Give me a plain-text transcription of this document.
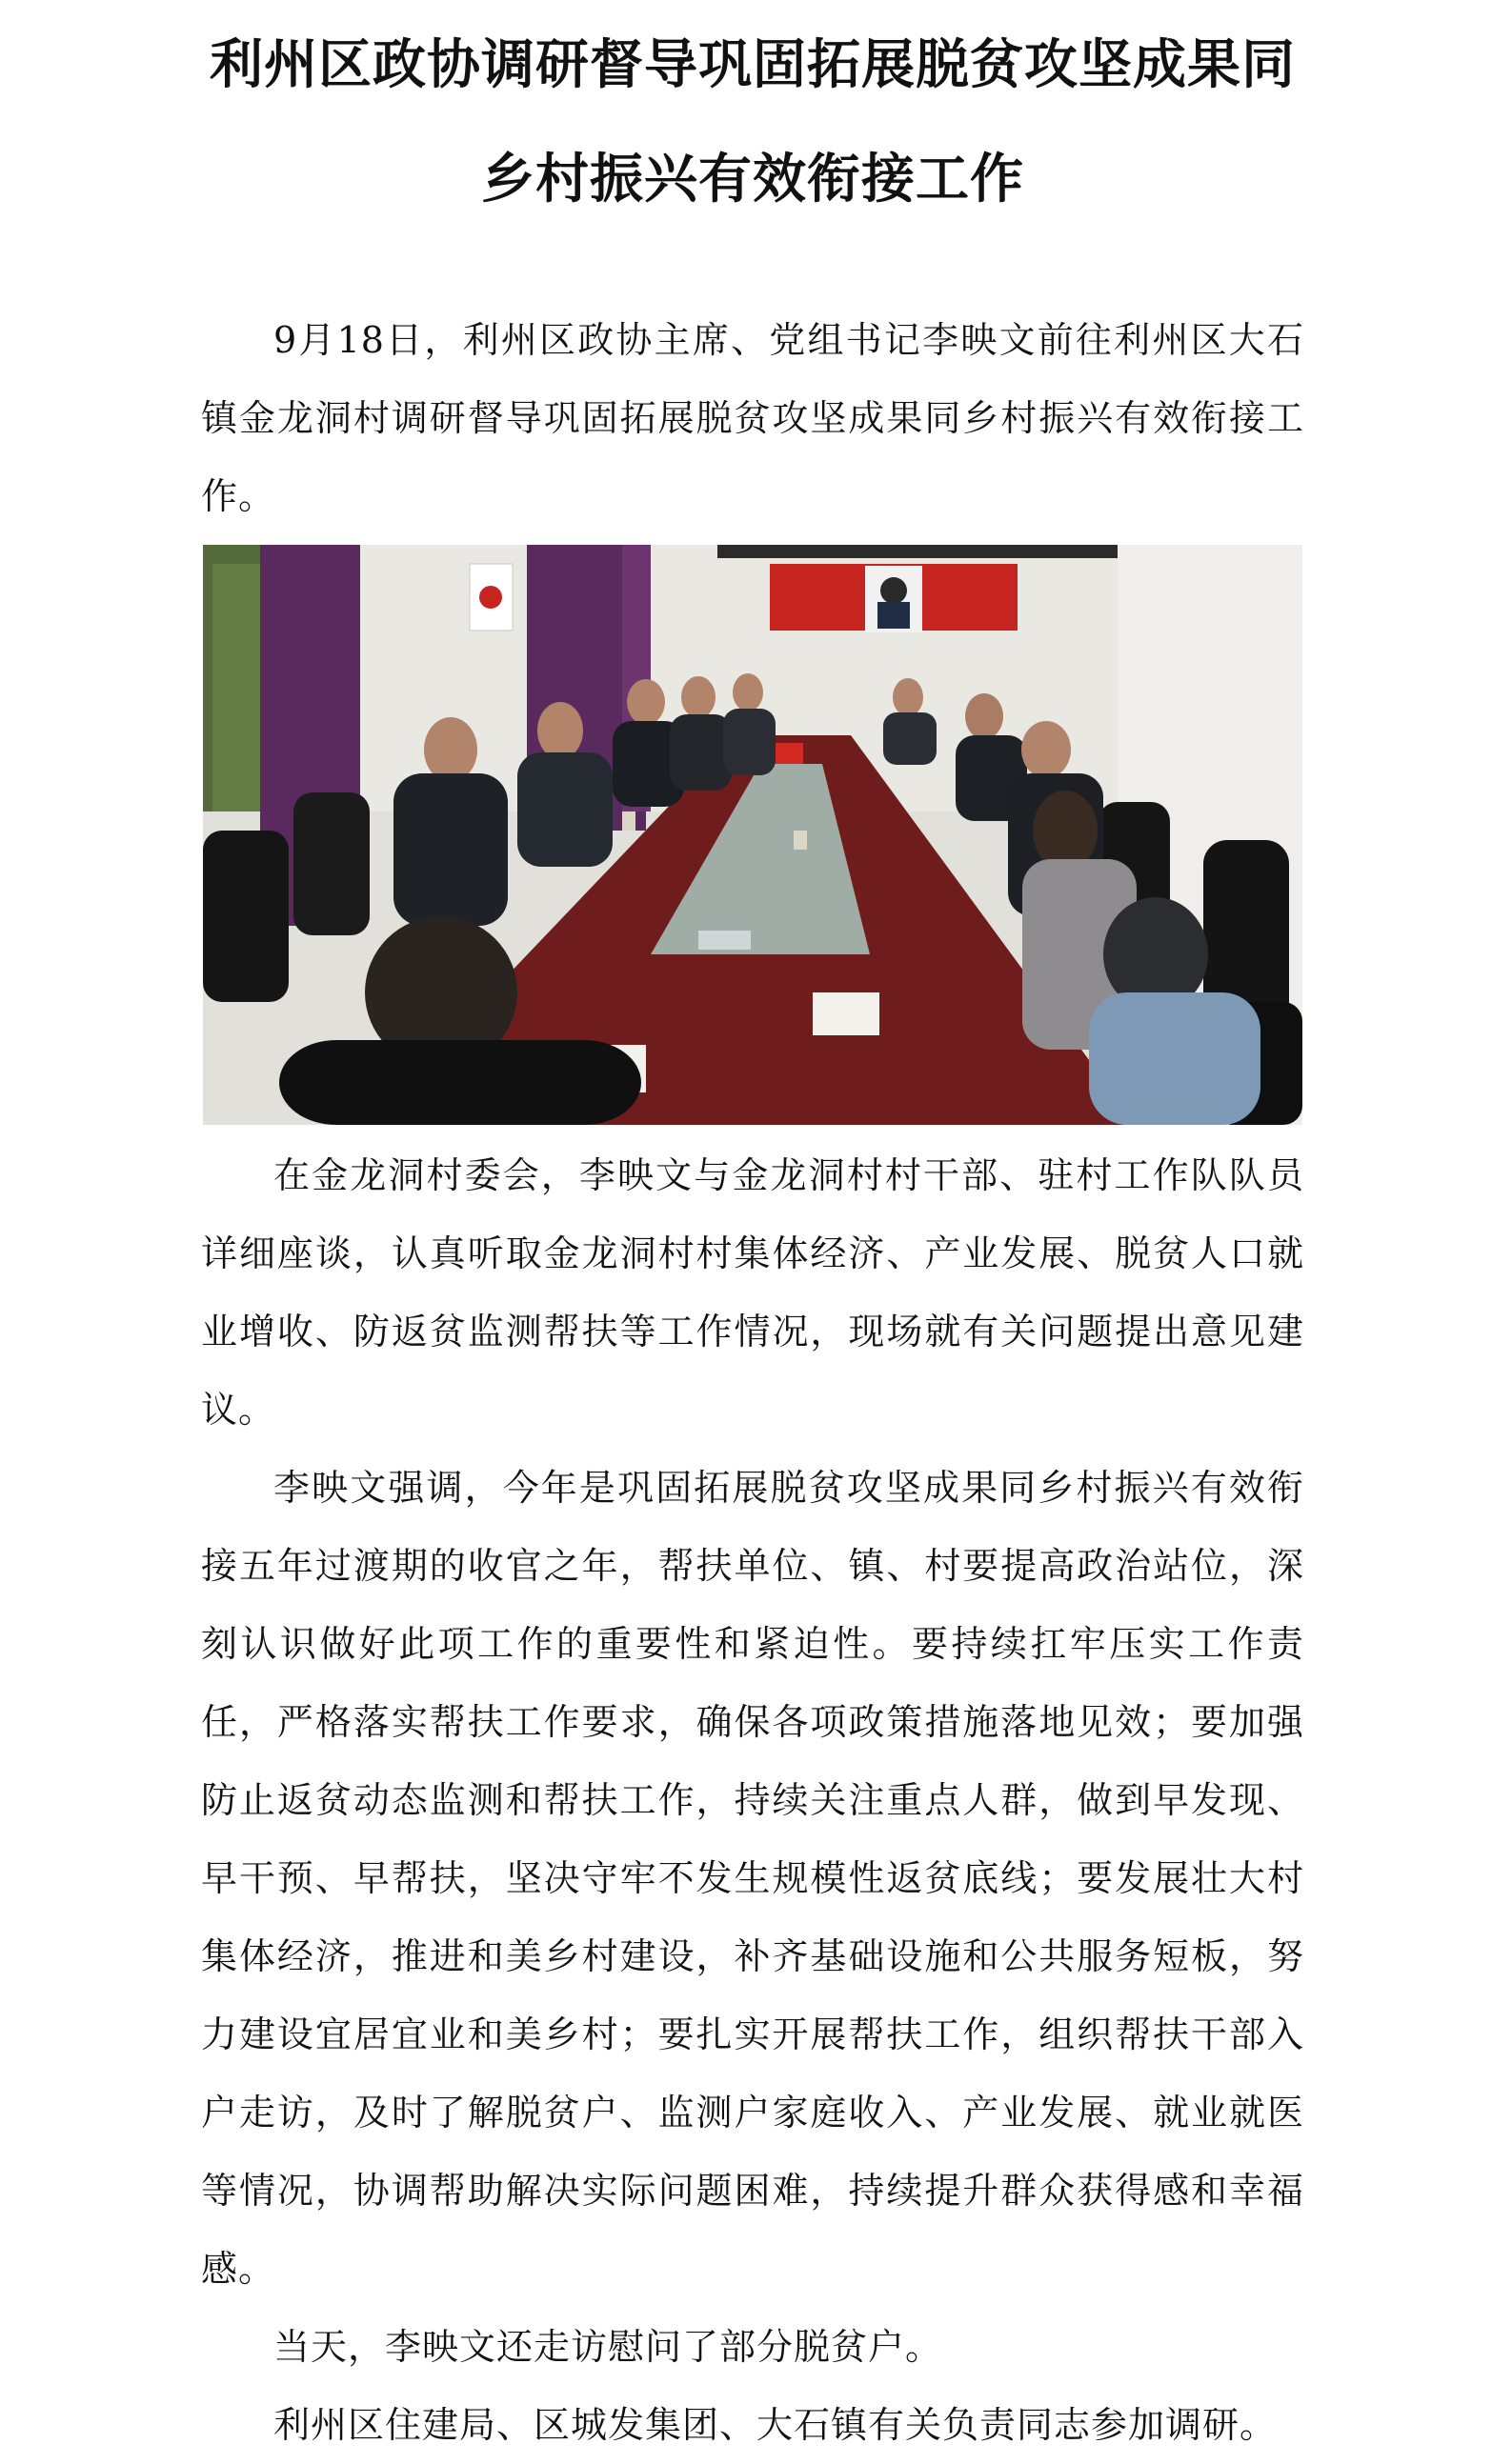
利州区政协调研督导巩固拓展脱贫攻坚成果同乡村振兴有效衔接工作

9月18日，利州区政协主席、党组书记李映文前往利州区大石镇金龙洞村调研督导巩固拓展脱贫攻坚成果同乡村振兴有效衔接工作。

在金龙洞村委会，李映文与金龙洞村村干部、驻村工作队队员详细座谈，认真听取金龙洞村村集体经济、产业发展、脱贫人口就业增收、防返贫监测帮扶等工作情况，现场就有关问题提出意见建议。

李映文强调，今年是巩固拓展脱贫攻坚成果同乡村振兴有效衔接五年过渡期的收官之年，帮扶单位、镇、村要提高政治站位，深刻认识做好此项工作的重要性和紧迫性。要持续扛牢压实工作责任，严格落实帮扶工作要求，确保各项政策措施落地见效；要加强防止返贫动态监测和帮扶工作，持续关注重点人群，做到早发现、早干预、早帮扶，坚决守牢不发生规模性返贫底线；要发展壮大村集体经济，推进和美乡村建设，补齐基础设施和公共服务短板，努力建设宜居宜业和美乡村；要扎实开展帮扶工作，组织帮扶干部入户走访，及时了解脱贫户、监测户家庭收入、产业发展、就业就医等情况，协调帮助解决实际问题困难，持续提升群众获得感和幸福感。

当天，李映文还走访慰问了部分脱贫户。

利州区住建局、区城发集团、大石镇有关负责同志参加调研。
